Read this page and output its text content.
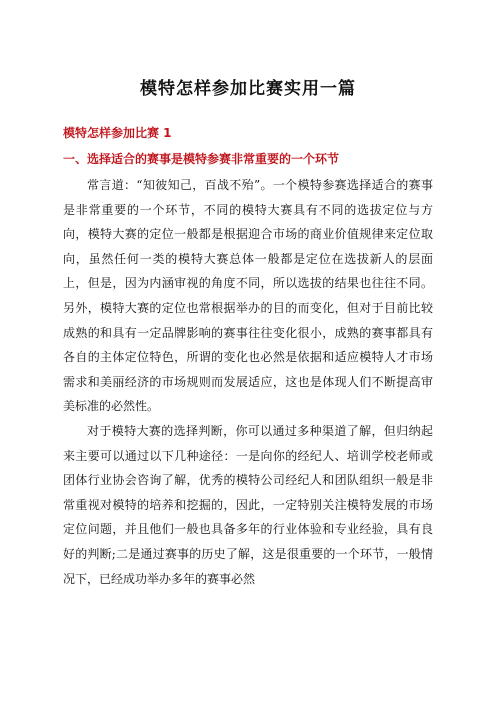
模特怎样参加比赛实用一篇
模特怎样参加比赛 1
一、选择适合的赛事是模特参赛非常重要的一个环节

常言道：“知彼知己，百战不殆”。一个模特参赛选择适合的赛事是非常重要的一个环节，不同的模特大赛具有不同的选拔定位与方向，模特大赛的定位一般都是根据迎合市场的商业价值规律来定位取向，虽然任何一类的模特大赛总体一般都是定位在选拔新人的层面上，但是，因为内涵审视的角度不同，所以选拔的结果也往往不同。另外，模特大赛的定位也常根据举办的目的而变化，但对于目前比较成熟的和具有一定品牌影响的赛事往往变化很小，成熟的赛事都具有各自的主体定位特色，所谓的变化也必然是依据和适应模特人才市场需求和美丽经济的市场规则而发展适应，这也是体现人们不断提高审美标准的必然性。

对于模特大赛的选择判断，你可以通过多种渠道了解，但归纳起来主要可以通过以下几种途径：一是向你的经纪人、培训学校老师或团体行业协会咨询了解，优秀的模特公司经纪人和团队组织一般是非常重视对模特的培养和挖掘的，因此，一定特别关注模特发展的市场定位问题，并且他们一般也具备多年的行业体验和专业经验，具有良好的判断;二是通过赛事的历史了解，这是很重要的一个环节，一般情况下，已经成功举办多年的赛事必然
